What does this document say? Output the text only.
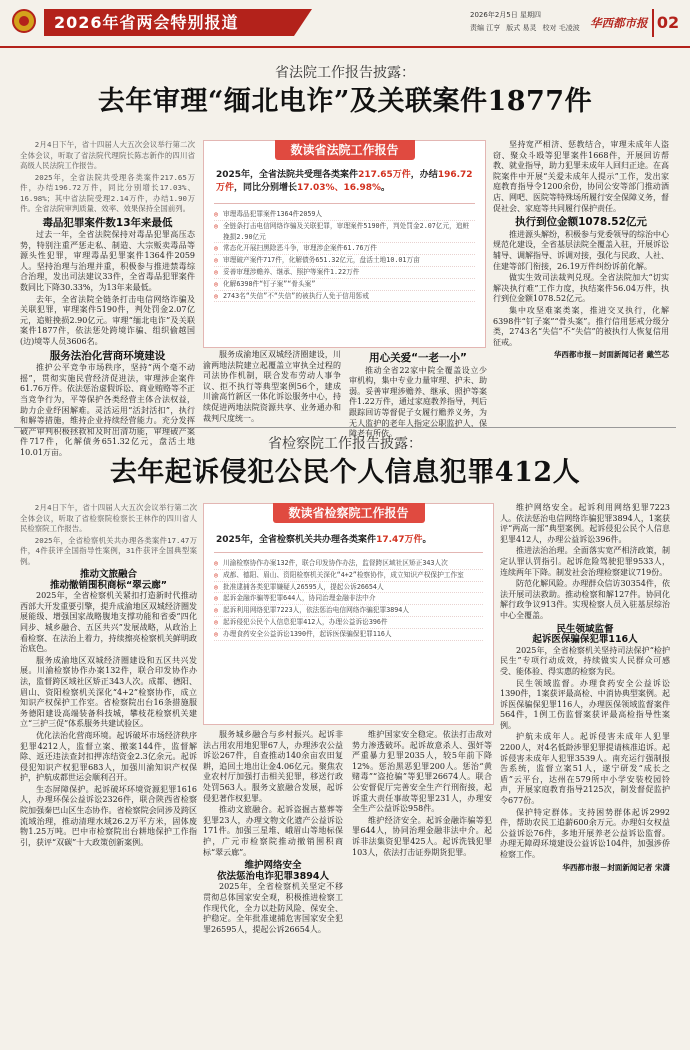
2026年省两会特别报道	2026年2月5日 星期四
责编 江亨 版式 易灵 校对 毛凌波 华西都市报 02
省法院工作报告披露：
去年审理“缅北电诈”及关联案件1877件

2月4日下午，省十四届人大五次会议举行第二次全体会议，听取了省法院代理院长陈志新作的四川省高级人民法院工作报告。

2025年，全省法院共受理各类案件217.65万件，办结196.72万件，同比分别增长17.03%、16.98%；其中省法院受理2.14万件，办结1.90万件。全省法院审判质量、效率、效果保持全国前列。

毒品犯罪案件数13年来最低

过去一年，全省法院保持对毒品犯罪高压态势，特别注重严惩走私、制造、大宗贩卖毒品等源头性犯罪，审理毒品犯罪案件1364件2059人。坚持治理与治理并重，积极参与推进禁毒综合治理，发出司法建议33件，全省毒品犯罪案件数同比下降30.33%，为13年来最低。

去年，全省法院全链条打击电信网络诈骗及关联犯罪，审理案件5190件，判处罚金2.07亿元，追赃挽损2.90亿元。审理“缅北电诈”及关联案件1877件，依法惩处跨境诈骗、组织偷越国(边)境等人员3606名。

服务法治化营商环境建设

推护公平竞争市场秩序，坚持“两个毫不动摇”，贯彻实施民营经济促进法，审理涉企案件61.76万件。依法惩治虚假诉讼、商业贿赂等不正当竞争行为，平等保护各类经营主体合法权益，助力企业纾困解难。灵活运用“活封活扣”，执行和解等措施，维持企业持续经营能力。充分发挥破产审判积极拯救和及时出清功能，审理破产案件717件，化解债务651.32亿元，盘活土地10.01万亩。

数读省法院工作报告
2025年，全省法院共受理各类案件217.65万件，办结196.72万件，同比分别增长17.03%、16.98%。
◎ 审理毒品犯罪案件1364件2059人
◎ 全链条打击电信网络诈骗及关联犯罪，审理案件5190件，判处罚金2.07亿元，追赃挽损2.90亿元
◎ 常态化开展扫黑除恶斗争，审理涉企案件61.76万件
◎ 审理破产案件717件，化解债务651.32亿元，盘活土地10.01万亩
◎ 妥善审理涉赡养、继承、照护等案件1.22万件
◎ 化解6398件“钉子案”“骨头案”
◎ 2743名“失信”不“失信”的被执行人免于信用惩戒

服务成渝地区双城经济圈建设，川渝两地法院建立起覆盖立审执全过程的司法协作机制，联合发布劳动人事争议、拒不执行等典型案例56个，建成川渝高竹新区一体化诉讼服务中心，持续促进两地法院资源共享、业务通办和裁判尺度统一。

用心关爱“一老一小”

推动全省22家中院全覆盖设立少审机构，集中专业力量审理、护未、助弱。妥善审理涉赡养、继承、照护等案件1.22万件，通过家庭教养指导，判后跟踪回访等督促子女履行赡养义务，为无人监护的老年人指定公职监护人，保障老有所依。

坚持宽严相济、惩教结合，审理未成年人盗窃、聚众斗殴等犯罪案件1668件，开展回访帮教、就业指导，助力犯罪未成年人回归正途。在高院案件中开展“关爱未成年人提示”工作，发出家庭教育指导令1200余份，协同公安等部门推动酒店、网吧、医院等特殊场所履行安全保障义务，督促社会、家庭等共同履行保护责任。

执行到位金额1078.52亿元

推进源头解纷，积极参与党委领导的综治中心规范化建设，全省基层法院全覆盖入驻，开展诉讼辅导、调解指导、诉调对接，强化与民政、人社、住建等部门衔接，26.19万件纠纷诉前化解。

做实生效司法裁判兑现。全省法院加大“切实解决执行难”工作力度，执结案件56.04万件，执行到位金额1078.52亿元。

集中攻坚难案类案，推进交叉执行，化解6398件“钉子案”“骨头案”。推行信用惩戒分级分类，2743名“失信”不“失信”的被执行人恢复信用征戒。

华西都市报－封面新闻记者 戴竺芯
省检察院工作报告披露：
去年起诉侵犯公民个人信息犯罪412人

2月4日下午，省十四届人大五次会议举行第二次全体会议，听取了省检察院检察长王林作的四川省人民检察院工作报告。

2025年，全省检察机关共办理各类案件17.47万件，4件获评全国指导性案例，31件获评全国典型案例。

推动文旅融合
推动撤销围积商标“翠云廊”

2025年，全省检察机关紧扣打造新时代推动西部大开发重要引擎，提升成渝地区双城经济圈发展能级、增强国家战略腹地支撑功能和省委“四化同步、城乡融合、五区共兴”发展战略，从政治上看检察、在法治上着力，持续擦亮检察机关鲜明政治底色。

服务成渝地区双城经济圈建设和五区共兴发展。川渝检察协作办案132件，联合印发协作办法，监督跨区域社区矫正343人次。成都、德阳、眉山、资阳检察机关深化“4+2”检察协作，成立知识产权保护工作室。省检察院出台16条措施服务德阳建设高端装备科技城，攀枝花检察机关建立“三护三促”体系服务共建试验区。

优化法治化营商环境。起诉破坏市场经济秩序犯罪4212人，监督立案、撤案144件，监督解除、返还违法查封扣押冻结资金2.3亿余元。起诉侵犯知识产权犯罪683人，加强川渝知识产权保护，护航成都世运会顺利召开。

生态屏障保护。起诉破坏环境资源犯罪1616人，办理环保公益诉讼2326件，联合陕西省检察院加强秦巴山区生态协作。省检察院会同涉及跨区流域治理，推动清理水域26.2万平方米，固体废物1.25万吨。巴中市检察院出台耕地保护工作指引，获评“双碳”十大政策创新案例。

数读省检察院工作报告
2025年，全省检察机关共办理各类案件17.47万件。
◎ 川渝检察协作办案132件，联合印发协作办法，监督跨区域社区矫正343人次
◎ 成都、德阳、眉山、资阳检察机关深化“4+2”检察协作，成立知识产权保护工作室
◎ 批准逮捕各类犯罪嫌疑人26595人，提起公诉26654人
◎ 起诉金融诈骗等犯罪644人，协同治理金融非法中介
◎ 起诉利用网络犯罪7223人，依法惩治电信网络诈骗犯罪3894人
◎ 起诉侵犯公民个人信息犯罪412人，办理公益诉讼396件
◎ 办理食药安全公益诉讼1390件，起诉医保骗保犯罪116人

服务城乡融合与乡村振兴。起诉非法占用农用地犯罪67人，办理涉农公益诉讼267件，自查推动140余亩农田复耕，追回土地出让金4.06亿元。聚焦农业农村厅加强打击相关犯罪，移送行政处罚563人。服务文旅融合发展，起诉侵犯著作权犯罪。

推动文旅融合。起诉盗掘古墓葬等犯罪23人，办理文物文化遗产公益诉讼171件。加强三星堆、峨眉山等地标保护，广元市检察院推动撤销围积商标“翠云廊”。

维护网络安全
依法惩治电诈犯罪3894人

2025年，全省检察机关坚定不移贯彻总体国家安全观，积极推进检察工作现代化，全力以赴防风险、保安全、护稳定。全年批准逮捕危害国家安全犯罪26595人，提起公诉26654人。

维护国家安全稳定。依法打击敌对势力渗透破坏。起诉故意杀人、强奸等严重暴力犯罪2035人，较5年前下降12%。惩治黑恶犯罪200人。惩治“黄赌毒”“盗抢骗”等犯罪26674人。联合公安督促厅完善安全生产行刑衔接，起诉重大责任事故等犯罪231人，办理安全生产公益诉讼958件。

维护经济安全。起诉金融诈骗等犯罪644人，协同治理金融非法中介。起诉非法集资犯罪425人。起诉洗钱犯罪103人，依法打击证券期货犯罪。

维护网络安全。起诉利用网络犯罪7223人。依法惩治电信网络诈骗犯罪3894人，1案获评“两高一部”典型案例。起诉侵犯公民个人信息犯罪412人，办理公益诉讼396件。

推进法治治理。全面落实宽严相济政策，制定认罪认罚指引。起诉危险驾驶犯罪9533人，连续两年下降。制发社会治理检察建议719份。

防范化解风险。办理群众信访30354件，依法开展司法救助。推动检察和解127件。协同化解行政争议913件。实现检察人员入驻基层综治中心全覆盖。

民生领域监督
起诉医保骗保犯罪116人

2025年，全省检察机关坚持司法保护“检护民生”专项行动成效，持续做实人民群众可感受、能体验、得实惠的检察为民。

民生领域监督。办理食药安全公益诉讼1390件，1案获评最高检、中消协典型案例。起诉医保骗保犯罪116人，办理医保领域监督案件564件，1例工伤监督案获评最高检指导性案例。

护航未成年人。起诉侵害未成年人犯罪2200人，对4名低龄涉罪犯罪提请核准追诉。起诉侵害未成年人犯罪3539人。南充运行强制报告系统，监督立案51人，遂宁研发“成长之盾”云平台，达州在579所中小学安装校园铃声，开展家庭教育指导2125次，制发督促监护令677份。

保护特定群体。支持困势群体起诉2992件，帮助农民工追薪600余万元。办理妇女权益公益诉讼76件，多地开展养老公益诉讼监督。办理无障碍环境建设公益诉讼104件，加强涉侨检察工作。

华西都市报－封面新闻记者 宋潇
